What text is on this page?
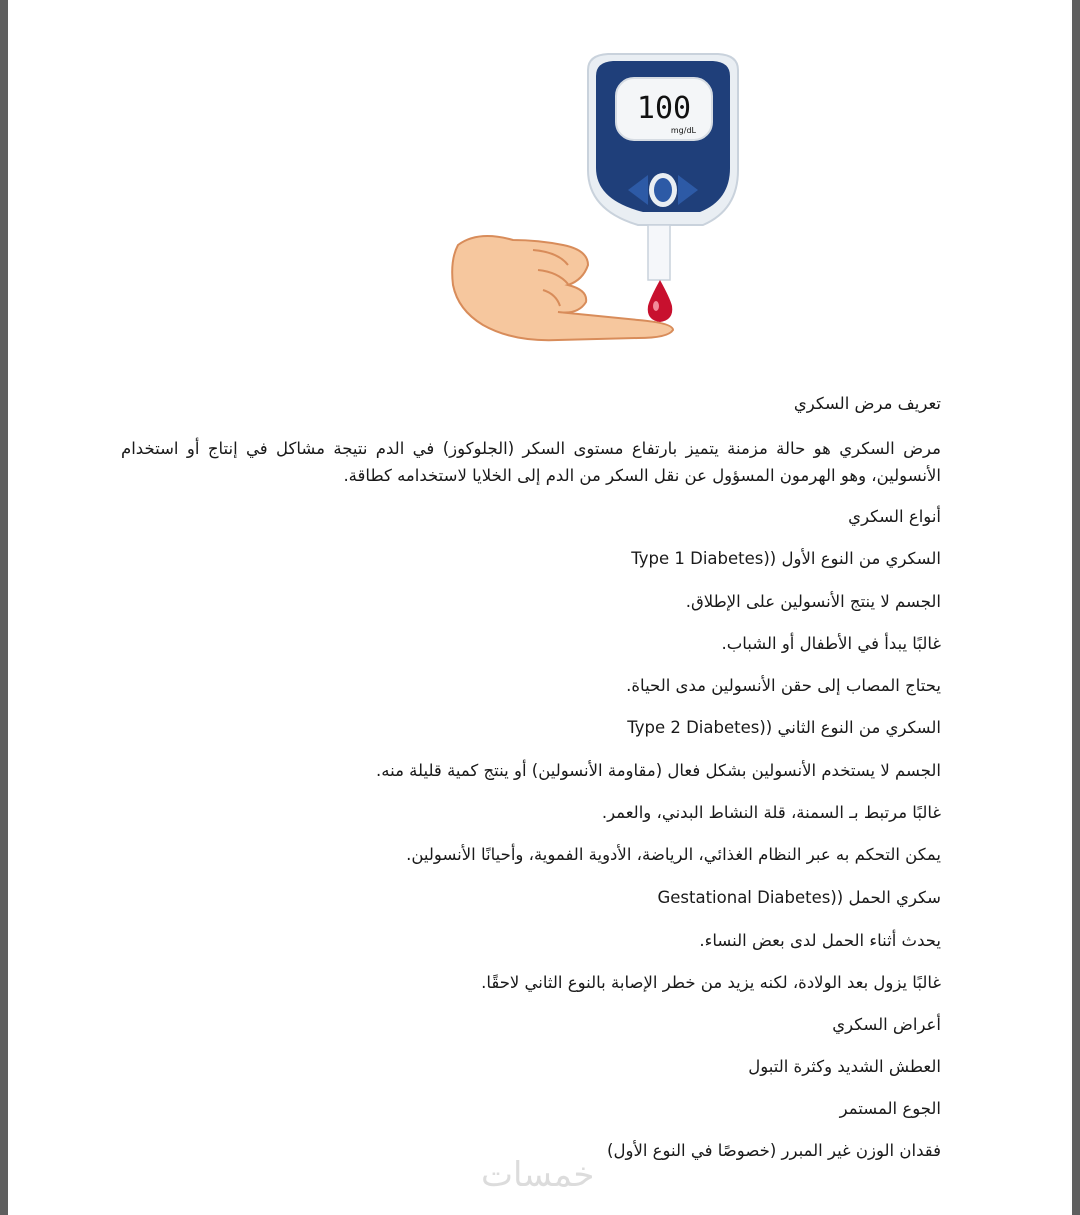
100
mg/dL
تعريف مرض السكري
مرض السكري هو حالة مزمنة يتميز بارتفاع مستوى السكر (الجلوكوز) في الدم نتيجة مشاكل في إنتاج أو استخدام الأنسولين، وهو الهرمون المسؤول عن نقل السكر من الدم إلى الخلايا لاستخدامه كطاقة.
أنواع السكري
السكري من النوع الأول ((Type 1 Diabetes
الجسم لا ينتج الأنسولين على الإطلاق.
غالبًا يبدأ في الأطفال أو الشباب.
يحتاج المصاب إلى حقن الأنسولين مدى الحياة.
السكري من النوع الثاني ((Type 2 Diabetes
الجسم لا يستخدم الأنسولين بشكل فعال (مقاومة الأنسولين) أو ينتج كمية قليلة منه.
غالبًا مرتبط بـ السمنة، قلة النشاط البدني، والعمر.
يمكن التحكم به عبر النظام الغذائي، الرياضة، الأدوية الفموية، وأحيانًا الأنسولين.
سكري الحمل ((Gestational Diabetes
يحدث أثناء الحمل لدى بعض النساء.
غالبًا يزول بعد الولادة، لكنه يزيد من خطر الإصابة بالنوع الثاني لاحقًا.
أعراض السكري
العطش الشديد وكثرة التبول
الجوع المستمر
فقدان الوزن غير المبرر (خصوصًا في النوع الأول)
خمسات
